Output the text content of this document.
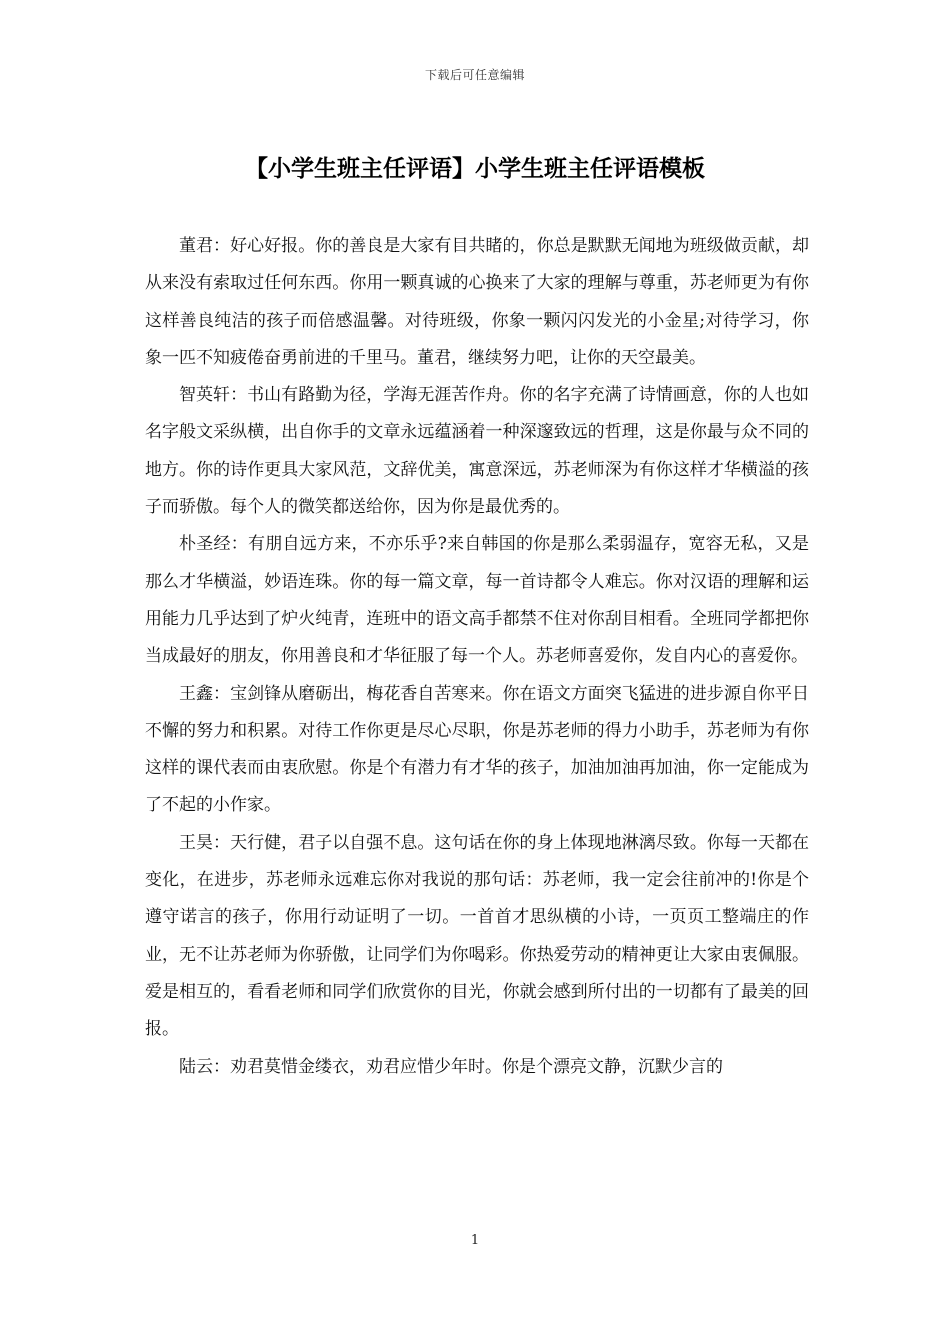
下载后可任意编辑
【小学生班主任评语】小学生班主任评语模板

董君：好心好报。你的善良是大家有目共睹的，你总是默默无闻地为班级做贡献，却从来没有索取过任何东西。你用一颗真诚的心换来了大家的理解与尊重，苏老师更为有你这样善良纯洁的孩子而倍感温馨。对待班级，你象一颗闪闪发光的小金星;对待学习，你象一匹不知疲倦奋勇前进的千里马。董君，继续努力吧，让你的天空最美。

智英轩：书山有路勤为径，学海无涯苦作舟。你的名字充满了诗情画意，你的人也如名字般文采纵横，出自你手的文章永远蕴涵着一种深邃致远的哲理，这是你最与众不同的地方。你的诗作更具大家风范，文辞优美，寓意深远，苏老师深为有你这样才华横溢的孩子而骄傲。每个人的微笑都送给你，因为你是最优秀的。

朴圣经：有朋自远方来，不亦乐乎?来自韩国的你是那么柔弱温存，宽容无私，又是那么才华横溢，妙语连珠。你的每一篇文章，每一首诗都令人难忘。你对汉语的理解和运用能力几乎达到了炉火纯青，连班中的语文高手都禁不住对你刮目相看。全班同学都把你当成最好的朋友，你用善良和才华征服了每一个人。苏老师喜爱你，发自内心的喜爱你。

王鑫：宝剑锋从磨砺出，梅花香自苦寒来。你在语文方面突飞猛进的进步源自你平日不懈的努力和积累。对待工作你更是尽心尽职，你是苏老师的得力小助手，苏老师为有你这样的课代表而由衷欣慰。你是个有潜力有才华的孩子，加油加油再加油，你一定能成为了不起的小作家。

王昊：天行健，君子以自强不息。这句话在你的身上体现地淋漓尽致。你每一天都在变化，在进步，苏老师永远难忘你对我说的那句话：苏老师，我一定会往前冲的!你是个遵守诺言的孩子，你用行动证明了一切。一首首才思纵横的小诗，一页页工整端庄的作业，无不让苏老师为你骄傲，让同学们为你喝彩。你热爱劳动的精神更让大家由衷佩服。爱是相互的，看看老师和同学们欣赏你的目光，你就会感到所付出的一切都有了最美的回报。

陆云：劝君莫惜金缕衣，劝君应惜少年时。你是个漂亮文静，沉默少言的

1
